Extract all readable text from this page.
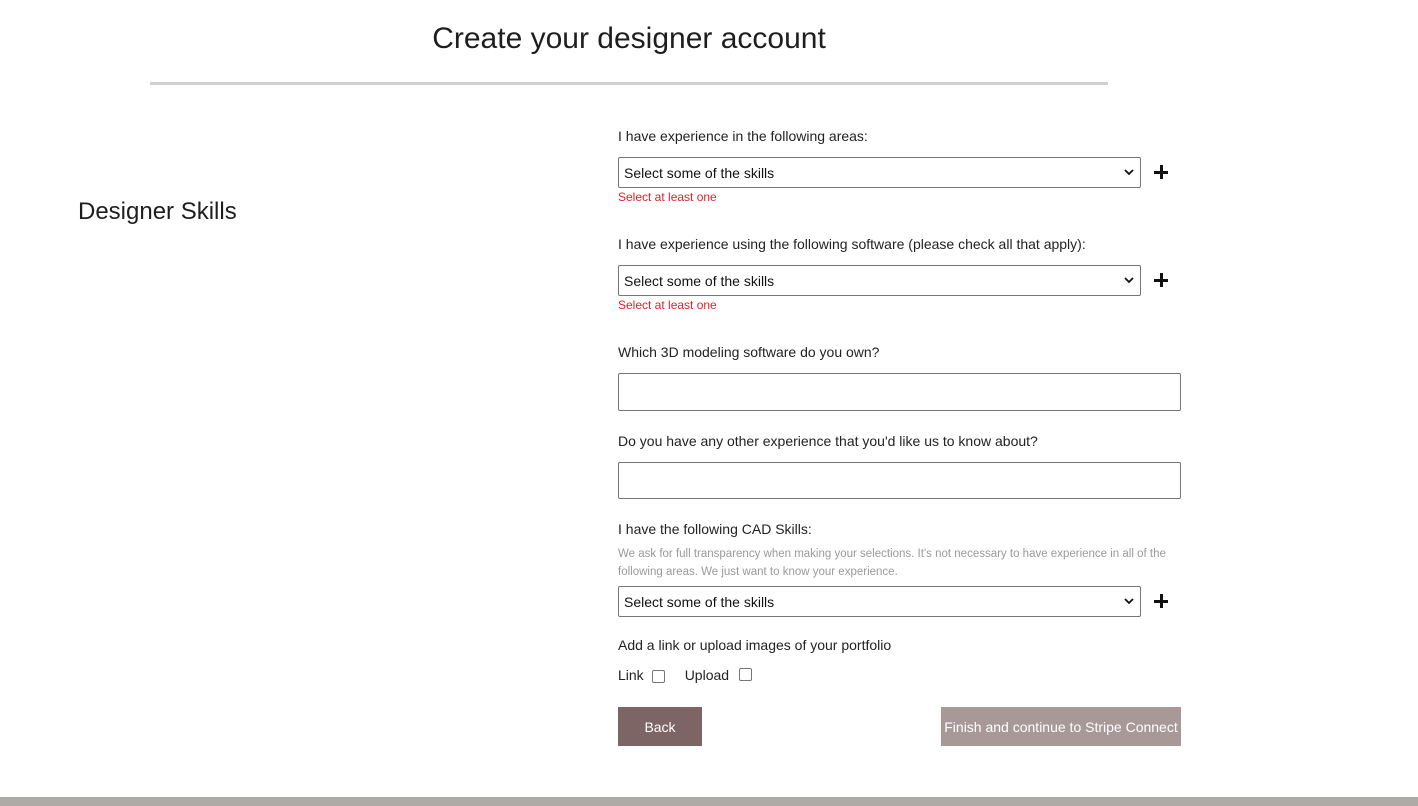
Create your designer account
Designer Skills
I have experience in the following areas:
Select some of the skills
Select at least one
I have experience using the following software (please check all that apply):
Select some of the skills
Select at least one
Which 3D modeling software do you own?
Do you have any other experience that you'd like us to know about?
I have the following CAD Skills:
We ask for full transparency when making your selections. It's not necessary to have experience in all of the following areas. We just want to know your experience.
Select some of the skills
Add a link or upload images of your portfolio
Link	Upload
Back	Finish and continue to Stripe Connect
